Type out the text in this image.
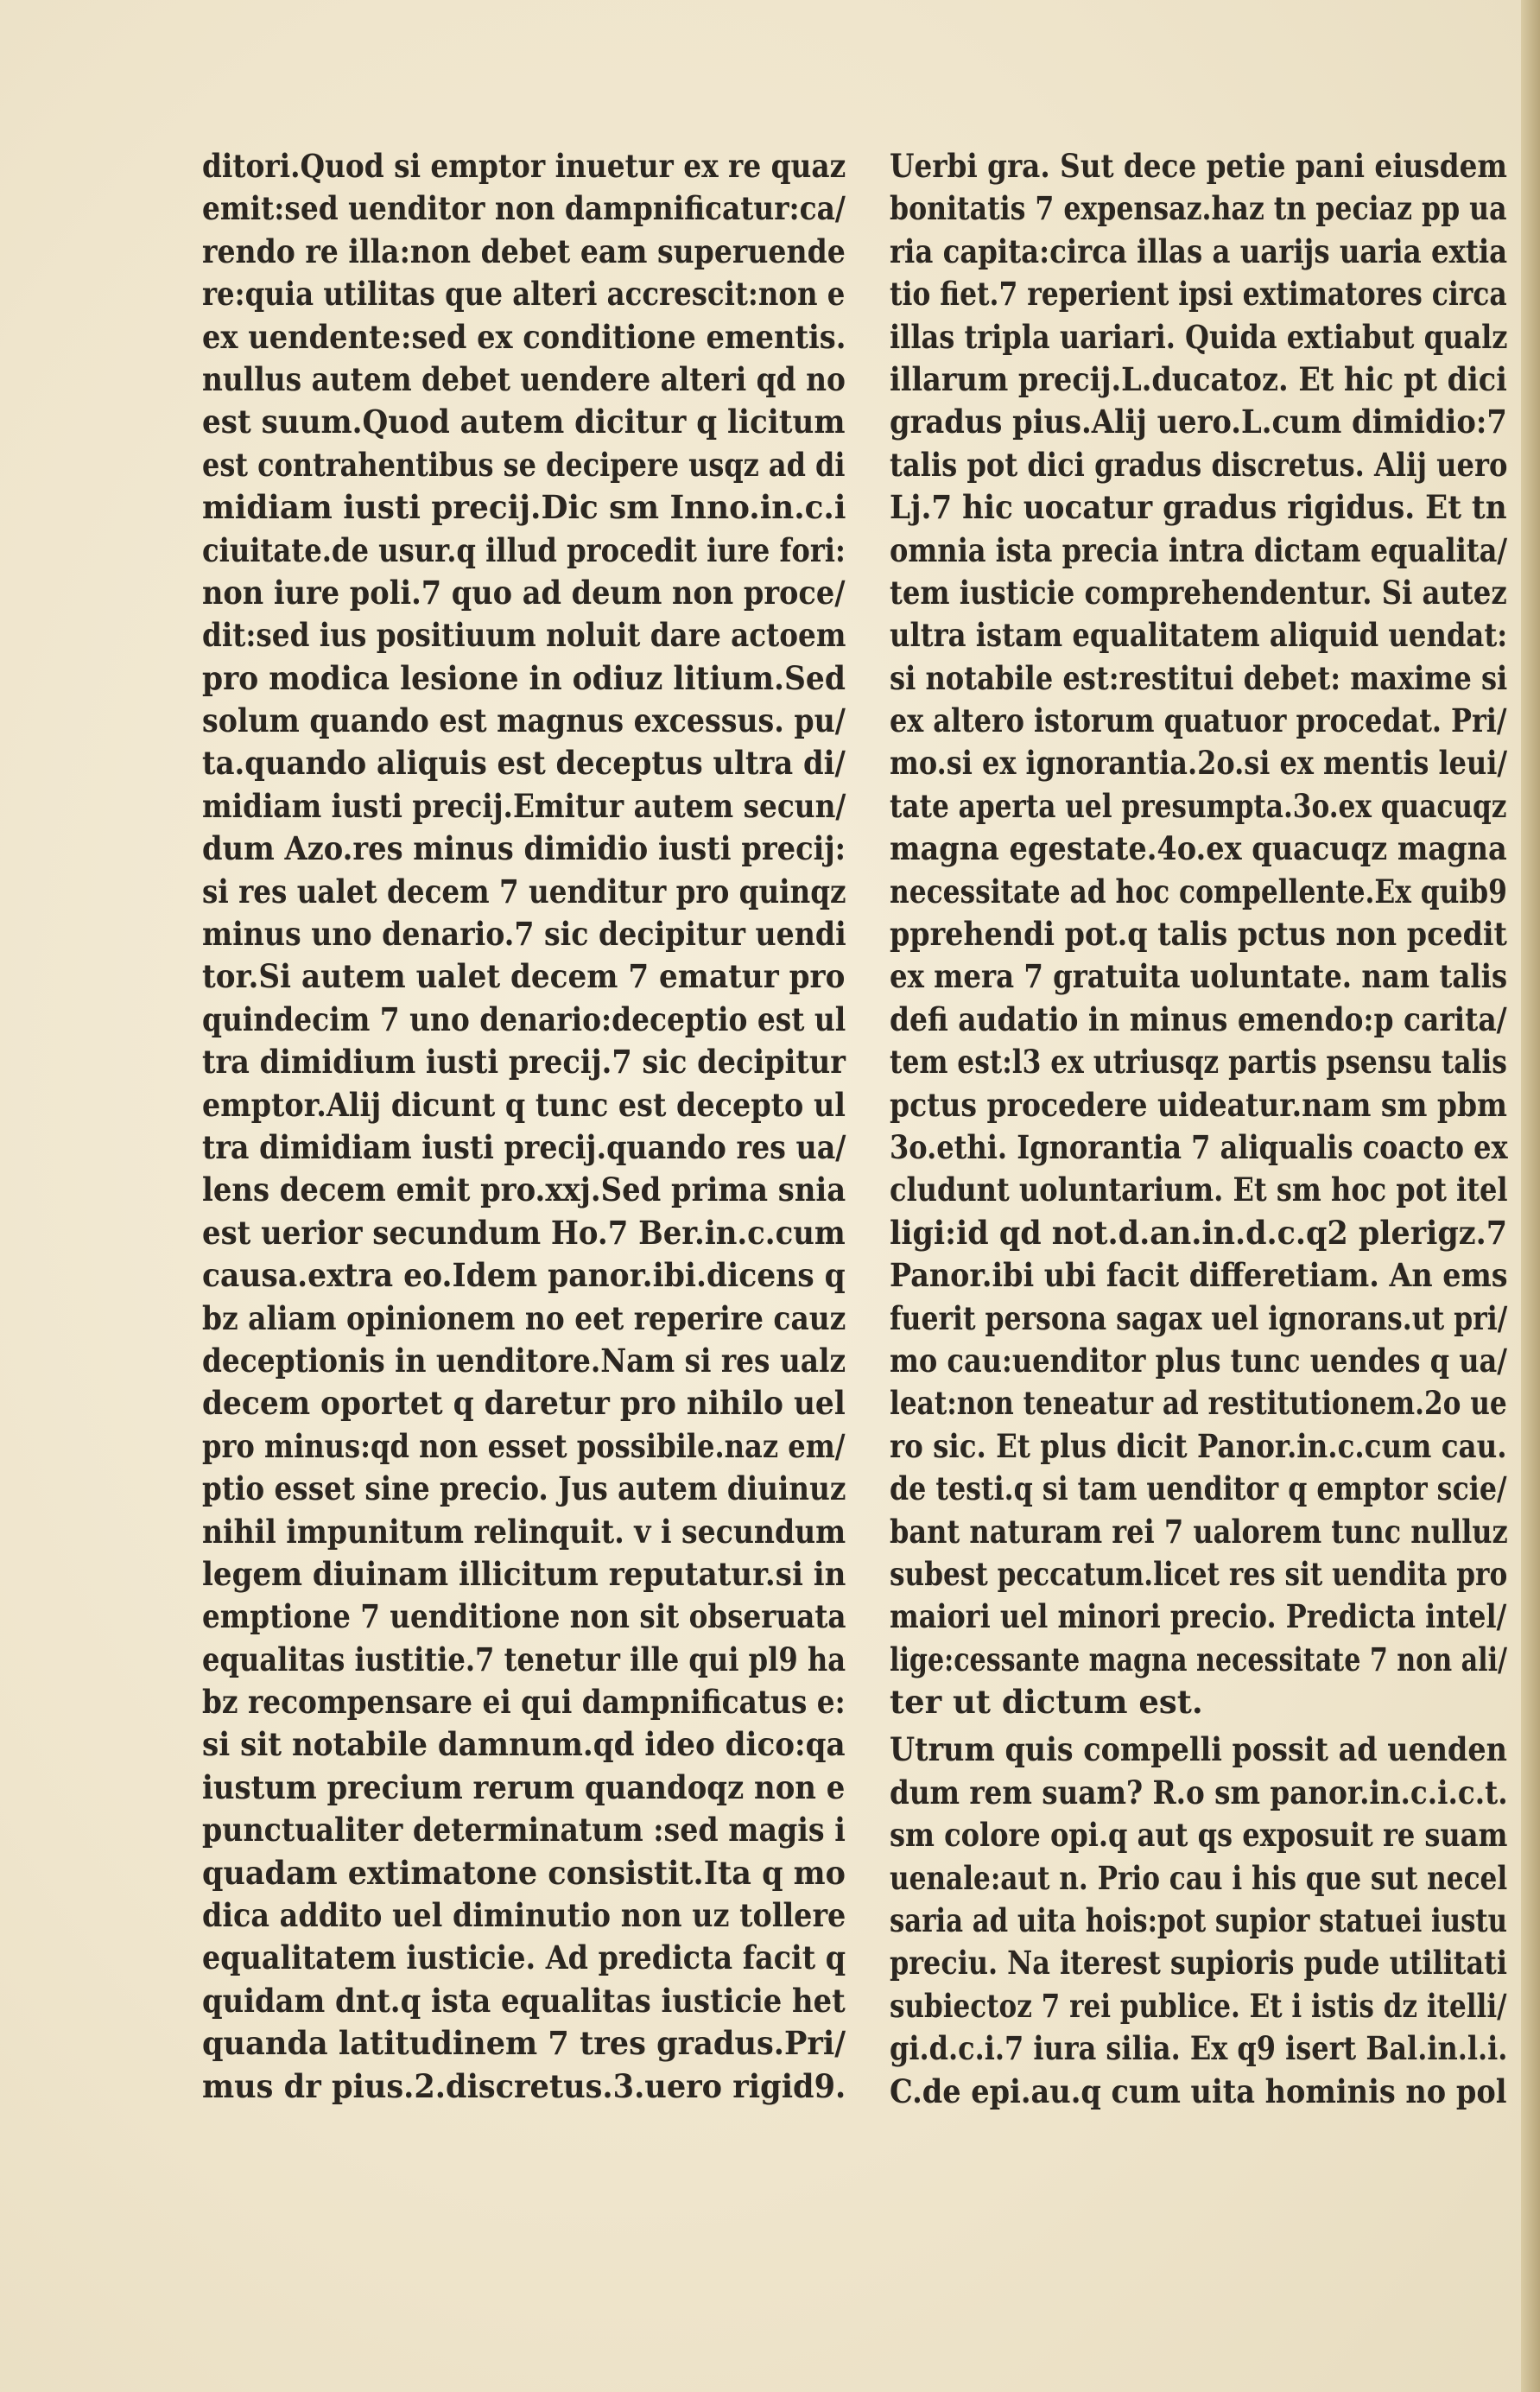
ditori.Quod si emptor inuetur ex re quaz
emit:sed uenditor non dampnificatur:ca/
rendo re illa:non debet eam superuende
re:quia utilitas que alteri accrescit:non e
ex uendente:sed ex conditione ementis.
nullus autem debet uendere alteri qd no
est suum.Quod autem dicitur q licitum
est contrahentibus se decipere usqz ad di
midiam iusti precij.Dic sm Inno.in.c.i
ciuitate.de usur.q illud procedit iure fori:
non iure poli.7 quo ad deum non proce/
dit:sed ius positiuum noluit dare actoem
pro modica lesione in odiuz litium.Sed
solum quando est magnus excessus. pu/
ta.quando aliquis est deceptus ultra di/
midiam iusti precij.Emitur autem secun/
dum Azo.res minus dimidio iusti precij:
si res ualet decem 7 uenditur pro quinqz
minus uno denario.7 sic decipitur uendi
tor.Si autem ualet decem 7 ematur pro
quindecim 7 uno denario:deceptio est ul
tra dimidium iusti precij.7 sic decipitur
emptor.Alij dicunt q tunc est decepto ul
tra dimidiam iusti precij.quando res ua/
lens decem emit pro.xxj.Sed prima snia
est uerior secundum Ho.7 Ber.in.c.cum
causa.extra eo.Idem panor.ibi.dicens q
bz aliam opinionem no eet reperire cauz
deceptionis in uenditore.Nam si res ualz
decem oportet q daretur pro nihilo uel
pro minus:qd non esset possibile.naz em/
ptio esset sine precio. Jus autem diuinuz
nihil impunitum relinquit. v i secundum
legem diuinam illicitum reputatur.si in
emptione 7 uenditione non sit obseruata
equalitas iustitie.7 tenetur ille qui pl9 ha
bz recompensare ei qui dampnificatus e:
si sit notabile damnum.qd ideo dico:qa
iustum precium rerum quandoqz non e
punctualiter determinatum :sed magis i
quadam extimatone consistit.Ita q mo
dica addito uel diminutio non uz tollere
equalitatem iusticie. Ad predicta facit q
quidam dnt.q ista equalitas iusticie het
quanda latitudinem 7 tres gradus.Pri/
mus dr pius.2.discretus.3.uero rigid9.
Uerbi gra. Sut dece petie pani eiusdem
bonitatis 7 expensaz.haz tn peciaz pp ua
ria capita:circa illas a uarijs uaria extia
tio fiet.7 reperient ipsi extimatores circa
illas tripla uariari. Quida extiabut qualz
illarum precij.L.ducatoz. Et hic pt dici
gradus pius.Alij uero.L.cum dimidio:7
talis pot dici gradus discretus. Alij uero
Lj.7 hic uocatur gradus rigidus. Et tn
omnia ista precia intra dictam equalita/
tem iusticie comprehendentur. Si autez
ultra istam equalitatem aliquid uendat:
si notabile est:restitui debet: maxime si
ex altero istorum quatuor procedat. Pri/
mo.si ex ignorantia.2o.si ex mentis leui/
tate aperta uel presumpta.3o.ex quacuqz
magna egestate.4o.ex quacuqz magna
necessitate ad hoc compellente.Ex quib9
pprehendi pot.q talis pctus non pcedit
ex mera 7 gratuita uoluntate. nam talis
defi audatio in minus emendo:p carita/
tem est:l3 ex utriusqz partis psensu talis
pctus procedere uideatur.nam sm pbm
3o.ethi. Ignorantia 7 aliqualis coacto ex
cludunt uoluntarium. Et sm hoc pot itel
ligi:id qd not.d.an.in.d.c.q2 plerigz.7
Panor.ibi ubi facit differetiam. An ems
fuerit persona sagax uel ignorans.ut pri/
mo cau:uenditor plus tunc uendes q ua/
leat:non teneatur ad restitutionem.2o ue
ro sic. Et plus dicit Panor.in.c.cum cau.
de testi.q si tam uenditor q emptor scie/
bant naturam rei 7 ualorem tunc nulluz
subest peccatum.licet res sit uendita pro
maiori uel minori precio. Predicta intel/
lige:cessante magna necessitate 7 non ali/
ter ut dictum est.
Utrum quis compelli possit ad uenden
dum rem suam? R.o sm panor.in.c.i.c.t.
sm colore opi.q aut qs exposuit re suam
uenale:aut n. Prio cau i his que sut necel
saria ad uita hois:pot supior statuei iustu
preciu. Na iterest supioris pude utilitati
subiectoz 7 rei publice. Et i istis dz itelli/
gi.d.c.i.7 iura silia. Ex q9 isert Bal.in.l.i.
C.de epi.au.q cum uita hominis no pol
